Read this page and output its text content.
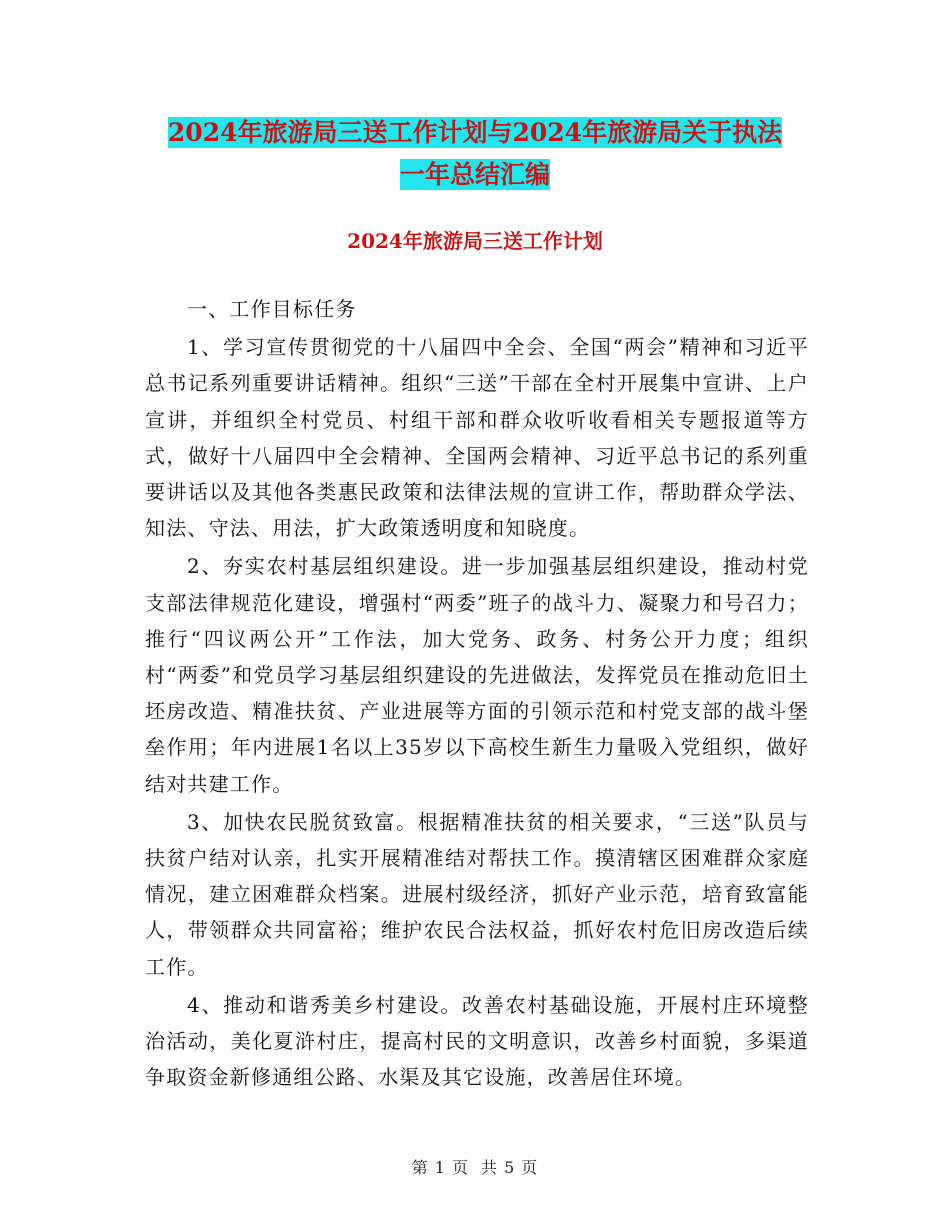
2024年旅游局三送工作计划与2024年旅游局关于执法
一年总结汇编
2024年旅游局三送工作计划

一、工作目标任务

1、学习宣传贯彻党的十八届四中全会、全国“两会”精神和习近平总书记系列重要讲话精神。组织“三送”干部在全村开展集中宣讲、上户宣讲，并组织全村党员、村组干部和群众收听收看相关专题报道等方式，做好十八届四中全会精神、全国两会精神、习近平总书记的系列重要讲话以及其他各类惠民政策和法律法规的宣讲工作，帮助群众学法、知法、守法、用法，扩大政策透明度和知晓度。

2、夯实农村基层组织建设。进一步加强基层组织建设，推动村党支部法律规范化建设，增强村“两委”班子的战斗力、凝聚力和号召力；推行“四议两公开”工作法，加大党务、政务、村务公开力度；组织村“两委”和党员学习基层组织建设的先进做法，发挥党员在推动危旧土坯房改造、精准扶贫、产业进展等方面的引领示范和村党支部的战斗堡垒作用；年内进展1名以上35岁以下高校生新生力量吸入党组织，做好结对共建工作。

3、加快农民脱贫致富。根据精准扶贫的相关要求，“三送”队员与扶贫户结对认亲，扎实开展精准结对帮扶工作。摸清辖区困难群众家庭情况，建立困难群众档案。进展村级经济，抓好产业示范，培育致富能人，带领群众共同富裕；维护农民合法权益，抓好农村危旧房改造后续工作。

4、推动和谐秀美乡村建设。改善农村基础设施，开展村庄环境整治活动，美化夏浒村庄，提高村民的文明意识，改善乡村面貌，多渠道争取资金新修通组公路、水渠及其它设施，改善居住环境。

第 1 页 共 5 页
